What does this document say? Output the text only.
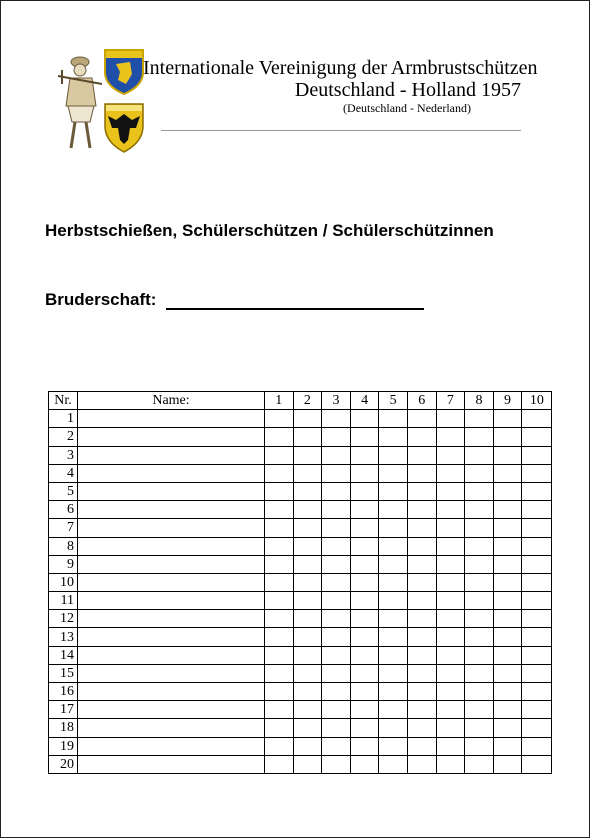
Internationale Vereinigung der Armbrustschützen
Deutschland - Holland 1957
(Deutschland - Nederland)
Herbstschießen, Schülerschützen / Schülerschützinnen
Bruderschaft:
Nr.	Name:	1	2	3	4	5	6	7	8	9	10
1											
2											
3											
4											
5											
6											
7											
8											
9											
10											
11											
12											
13											
14											
15											
16											
17											
18											
19											
20											
